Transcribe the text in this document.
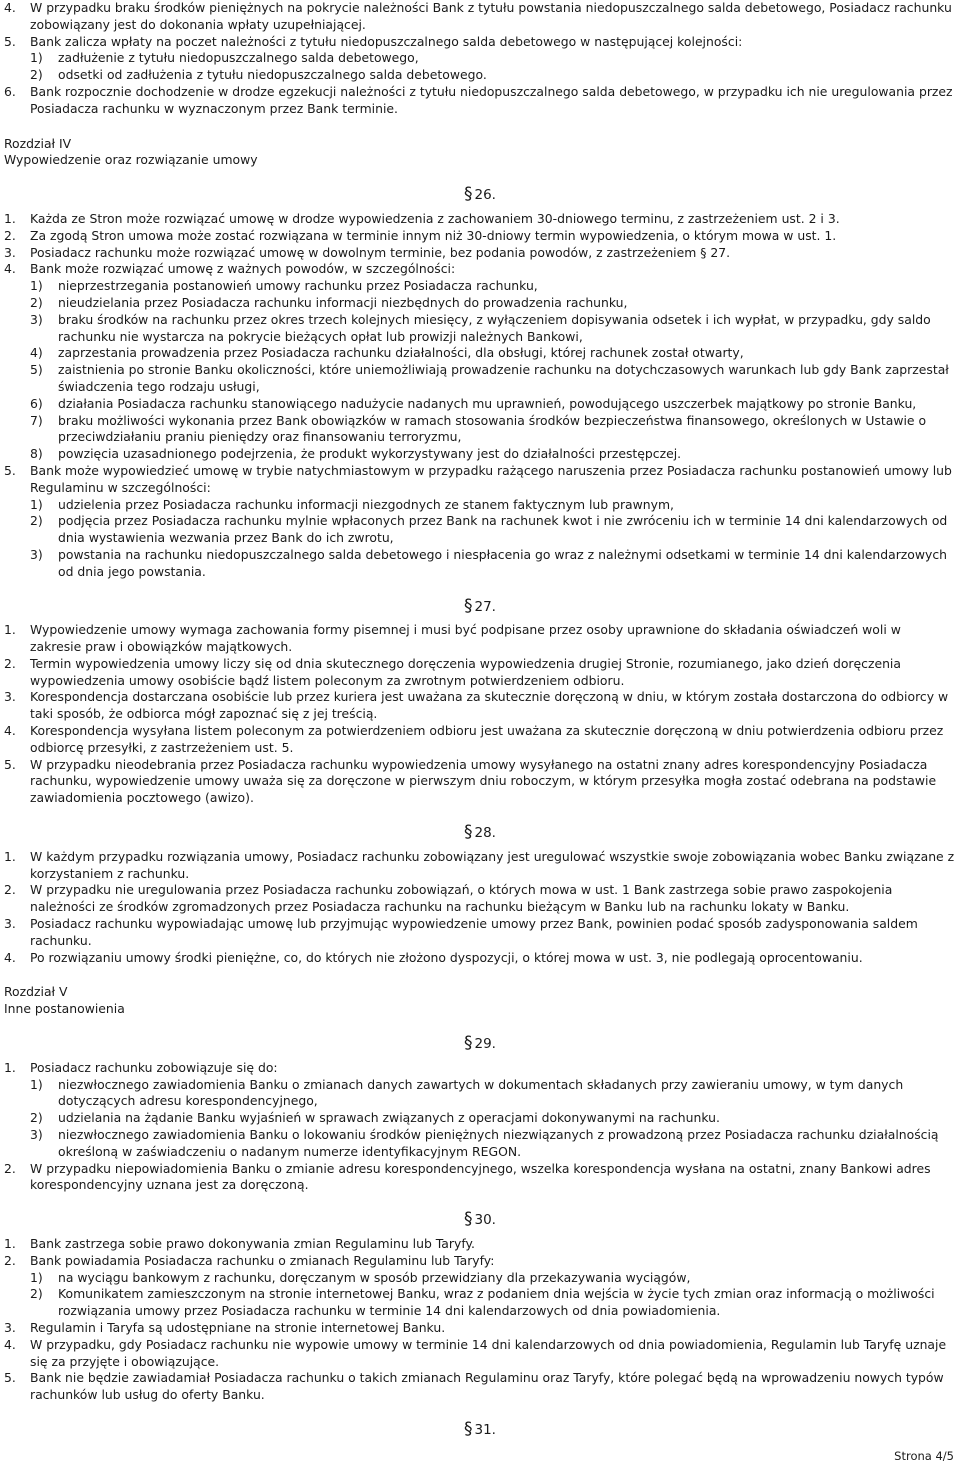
4.	W przypadku braku środków pieniężnych na pokrycie należności Bank z tytułu powstania niedopuszczalnego salda debetowego, Posiadacz rachunku zobowiązany jest do dokonania wpłaty uzupełniającej.
5.	Bank zalicza wpłaty na poczet należności z tytułu niedopuszczalnego salda debetowego w następującej kolejności:
1)	zadłużenie z tytułu niedopuszczalnego salda debetowego,
2)	odsetki od zadłużenia z tytułu niedopuszczalnego salda debetowego.
6.	Bank rozpocznie dochodzenie w drodze egzekucji należności z tytułu niedopuszczalnego salda debetowego, w przypadku ich nie uregulowania przez Posiadacza rachunku w wyznaczonym przez Bank terminie.
Rozdział IV
Wypowiedzenie oraz rozwiązanie umowy
§ 26.
1.	Każda ze Stron może rozwiązać umowę w drodze wypowiedzenia z zachowaniem 30-dniowego terminu, z zastrzeżeniem ust. 2 i 3.
2.	Za zgodą Stron umowa może zostać rozwiązana w terminie innym niż 30-dniowy termin wypowiedzenia, o którym mowa w ust. 1.
3.	Posiadacz rachunku może rozwiązać umowę w dowolnym terminie, bez podania powodów, z zastrzeżeniem § 27.
4.	Bank może rozwiązać umowę z ważnych powodów, w szczególności:
1)	nieprzestrzegania postanowień umowy rachunku przez Posiadacza rachunku,
2)	nieudzielania przez Posiadacza rachunku informacji niezbędnych do prowadzenia rachunku,
3)	braku środków na rachunku przez okres trzech kolejnych miesięcy, z wyłączeniem dopisywania odsetek i ich wypłat, w przypadku, gdy saldo rachunku nie wystarcza na pokrycie bieżących opłat lub prowizji należnych Bankowi,
4)	zaprzestania prowadzenia przez Posiadacza rachunku działalności, dla obsługi, której rachunek został otwarty,
5)	zaistnienia po stronie Banku okoliczności, które uniemożliwiają prowadzenie rachunku na dotychczasowych warunkach lub gdy Bank zaprzestał świadczenia tego rodzaju usługi,
6)	działania Posiadacza rachunku stanowiącego nadużycie nadanych mu uprawnień, powodującego uszczerbek majątkowy po stronie Banku,
7)	braku możliwości wykonania przez Bank obowiązków w ramach stosowania środków bezpieczeństwa finansowego, określonych w Ustawie o przeciwdziałaniu praniu pieniędzy oraz finansowaniu terroryzmu,
8)	powzięcia uzasadnionego podejrzenia, że produkt wykorzystywany jest do działalności przestępczej.
5.	Bank może wypowiedzieć umowę w trybie natychmiastowym w przypadku rażącego naruszenia przez Posiadacza rachunku postanowień umowy lub Regulaminu w szczególności:
1)	udzielenia przez Posiadacza rachunku informacji niezgodnych ze stanem faktycznym lub prawnym,
2)	podjęcia przez Posiadacza rachunku mylnie wpłaconych przez Bank na rachunek kwot i nie zwróceniu ich w terminie 14 dni kalendarzowych od dnia wystawienia wezwania przez Bank do ich zwrotu,
3)	powstania na rachunku niedopuszczalnego salda debetowego i niespłacenia go wraz z należnymi odsetkami w terminie 14 dni kalendarzowych od dnia jego powstania.
§ 27.
1.	Wypowiedzenie umowy wymaga zachowania formy pisemnej i musi być podpisane przez osoby uprawnione do składania oświadczeń woli w zakresie praw i obowiązków majątkowych.
2.	Termin wypowiedzenia umowy liczy się od dnia skutecznego doręczenia wypowiedzenia drugiej Stronie, rozumianego, jako dzień doręczenia wypowiedzenia umowy osobiście bądź listem poleconym za zwrotnym potwierdzeniem odbioru.
3.	Korespondencja dostarczana osobiście lub przez kuriera jest uważana za skutecznie doręczoną w dniu, w którym została dostarczona do odbiorcy w taki sposób, że odbiorca mógł zapoznać się z jej treścią.
4.	Korespondencja wysyłana listem poleconym za potwierdzeniem odbioru jest uważana za skutecznie doręczoną w dniu potwierdzenia odbioru przez odbiorcę przesyłki, z zastrzeżeniem ust. 5.
5.	W przypadku nieodebrania przez Posiadacza rachunku wypowiedzenia umowy wysyłanego na ostatni znany adres korespondencyjny Posiadacza rachunku, wypowiedzenie umowy uważa się za doręczone w pierwszym dniu roboczym, w którym przesyłka mogła zostać odebrana na podstawie zawiadomienia pocztowego (awizo).
§ 28.
1.	W każdym przypadku rozwiązania umowy, Posiadacz rachunku zobowiązany jest uregulować wszystkie swoje zobowiązania wobec Banku związane z korzystaniem z rachunku.
2.	W przypadku nie uregulowania przez Posiadacza rachunku zobowiązań, o których mowa w ust. 1 Bank zastrzega sobie prawo zaspokojenia należności ze środków zgromadzonych przez Posiadacza rachunku na rachunku bieżącym w Banku lub na rachunku lokaty w Banku.
3.	Posiadacz rachunku wypowiadając umowę lub przyjmując wypowiedzenie umowy przez Bank, powinien podać sposób zadysponowania saldem rachunku.
4.	Po rozwiązaniu umowy środki pieniężne, co, do których nie złożono dyspozycji, o której mowa w ust. 3, nie podlegają oprocentowaniu.
Rozdział V
Inne postanowienia
§ 29.
1.	Posiadacz rachunku zobowiązuje się do:
1)	niezwłocznego zawiadomienia Banku o zmianach danych zawartych w dokumentach składanych przy zawieraniu umowy, w tym danych dotyczących adresu korespondencyjnego,
2)	udzielania na żądanie Banku wyjaśnień w sprawach związanych z operacjami dokonywanymi na rachunku.
3)	niezwłocznego zawiadomienia Banku o lokowaniu środków pieniężnych niezwiązanych z prowadzoną przez Posiadacza rachunku działalnością określoną w zaświadczeniu o nadanym numerze identyfikacyjnym REGON.
2.	W przypadku niepowiadomienia Banku o zmianie adresu korespondencyjnego, wszelka korespondencja wysłana na ostatni, znany Bankowi adres korespondencyjny uznana jest za doręczoną.
§ 30.
1.	Bank zastrzega sobie prawo dokonywania zmian Regulaminu lub Taryfy.
2.	Bank powiadamia Posiadacza rachunku o zmianach Regulaminu lub Taryfy:
1)	na wyciągu bankowym z rachunku, doręczanym w sposób przewidziany dla przekazywania wyciągów,
2)	Komunikatem zamieszczonym na stronie internetowej Banku, wraz z podaniem dnia wejścia w życie tych zmian oraz informacją o możliwości rozwiązania umowy przez Posiadacza rachunku w terminie 14 dni kalendarzowych od dnia powiadomienia.
3.	Regulamin i Taryfa są udostępniane na stronie internetowej Banku.
4.	W przypadku, gdy Posiadacz rachunku nie wypowie umowy w terminie 14 dni kalendarzowych od dnia powiadomienia, Regulamin lub Taryfę uznaje się za przyjęte i obowiązujące.
5.	Bank nie będzie zawiadamiał Posiadacza rachunku o takich zmianach Regulaminu oraz Taryfy, które polegać będą na wprowadzeniu nowych typów rachunków lub usług do oferty Banku.
§ 31.
Strona 4/5
